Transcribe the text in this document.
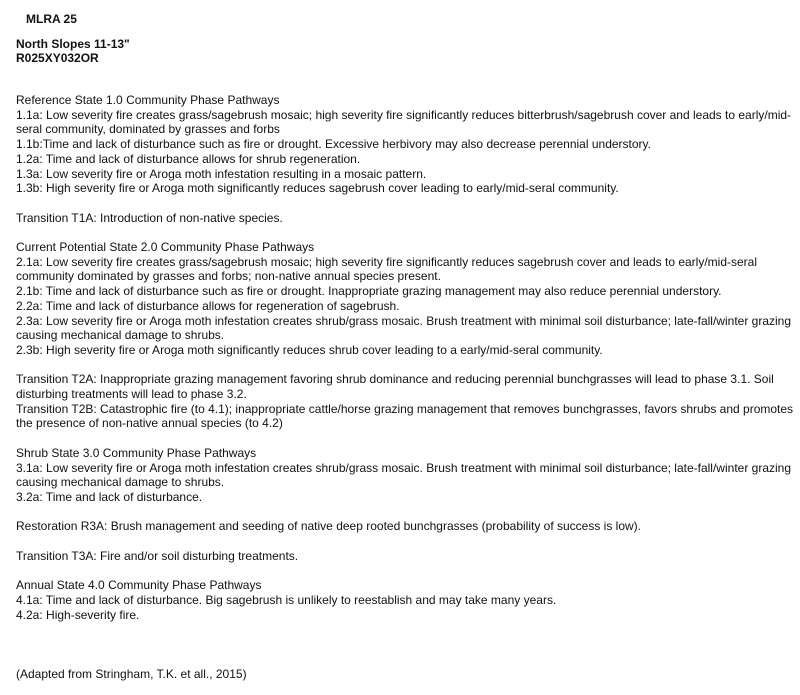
MLRA 25
North Slopes 11-13"
R025XY032OR

Reference State 1.0 Community Phase Pathways

1.1a: Low severity fire creates grass/sagebrush mosaic; high severity fire significantly reduces bitterbrush/sagebrush cover and leads to early/mid-seral community, dominated by grasses and forbs

1.1b:Time and lack of disturbance such as fire or drought. Excessive herbivory may also decrease perennial understory.

1.2a: Time and lack of disturbance allows for shrub regeneration.

1.3a: Low severity fire or Aroga moth infestation resulting in a mosaic pattern.

1.3b: High severity fire or Aroga moth significantly reduces sagebrush cover leading to early/mid-seral community.

Transition T1A: Introduction of non-native species.

Current Potential State 2.0 Community Phase Pathways

2.1a: Low severity fire creates grass/sagebrush mosaic; high severity fire significantly reduces sagebrush cover and leads to early/mid-seral community dominated by grasses and forbs; non-native annual species present.

2.1b: Time and lack of disturbance such as fire or drought. Inappropriate grazing management may also reduce perennial understory.

2.2a: Time and lack of disturbance allows for regeneration of sagebrush.

2.3a: Low severity fire or Aroga moth infestation creates shrub/grass mosaic. Brush treatment with minimal soil disturbance; late-fall/winter grazing causing mechanical damage to shrubs.

2.3b: High severity fire or Aroga moth significantly reduces shrub cover leading to a early/mid-seral community.

Transition T2A: Inappropriate grazing management favoring shrub dominance and reducing perennial bunchgrasses will lead to phase 3.1. Soil disturbing treatments will lead to phase 3.2.

Transition T2B: Catastrophic fire (to 4.1); inappropriate cattle/horse grazing management that removes bunchgrasses, favors shrubs and promotes the presence of non-native annual species (to 4.2)

Shrub State 3.0 Community Phase Pathways

3.1a: Low severity fire or Aroga moth infestation creates shrub/grass mosaic. Brush treatment with minimal soil disturbance; late-fall/winter grazing causing mechanical damage to shrubs.

3.2a: Time and lack of disturbance.

Restoration R3A: Brush management and seeding of native deep rooted bunchgrasses (probability of success is low).

Transition T3A: Fire and/or soil disturbing treatments.

Annual State 4.0 Community Phase Pathways

4.1a: Time and lack of disturbance. Big sagebrush is unlikely to reestablish and may take many years.

4.2a: High-severity fire.

(Adapted from Stringham, T.K. et all., 2015)
